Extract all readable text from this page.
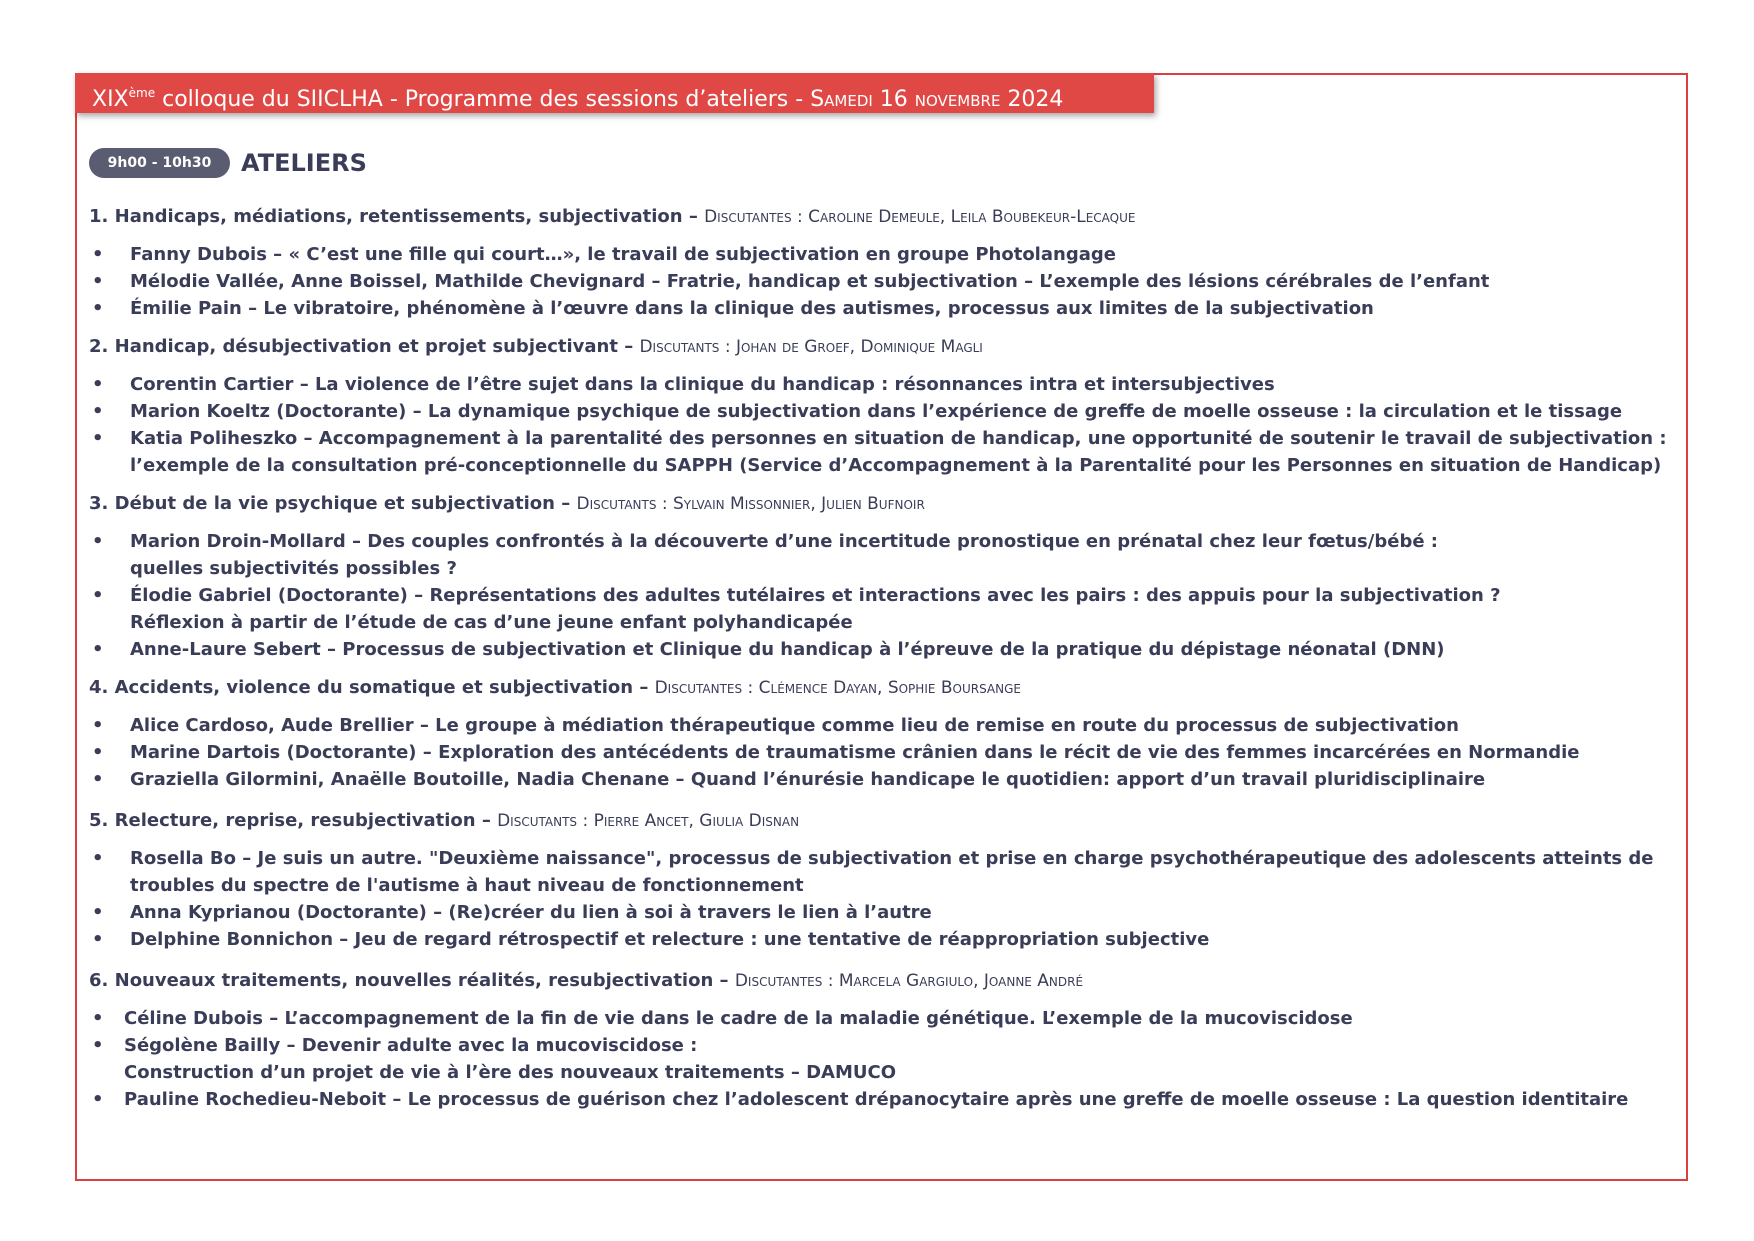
XIXème colloque du SIICLHA - Programme des sessions d’ateliers - Samedi 16 novembre 2024
9h00 - 10h30	ATELIERS
1. Handicaps, médiations, retentissements, subjectivation – Discutantes : Caroline Demeule, Leila Boubekeur-Lecaque
• Fanny Dubois – « C’est une fille qui court…», le travail de subjectivation en groupe Photolangage
• Mélodie Vallée, Anne Boissel, Mathilde Chevignard – Fratrie, handicap et subjectivation – L’exemple des lésions cérébrales de l’enfant
• Émilie Pain – Le vibratoire, phénomène à l’œuvre dans la clinique des autismes, processus aux limites de la subjectivation
2. Handicap, désubjectivation et projet subjectivant – Discutants : Johan de Groef, Dominique Magli
• Corentin Cartier – La violence de l’être sujet dans la clinique du handicap : résonnances intra et intersubjectives
• Marion Koeltz (Doctorante) – La dynamique psychique de subjectivation dans l’expérience de greffe de moelle osseuse : la circulation et le tissage
• Katia Poliheszko – Accompagnement à la parentalité des personnes en situation de handicap, une opportunité de soutenir le travail de subjectivation :
l’exemple de la consultation pré-conceptionnelle du SAPPH (Service d’Accompagnement à la Parentalité pour les Personnes en situation de Handicap)
3. Début de la vie psychique et subjectivation – Discutants : Sylvain Missonnier, Julien Bufnoir
• Marion Droin-Mollard – Des couples confrontés à la découverte d’une incertitude pronostique en prénatal chez leur fœtus/bébé :
quelles subjectivités possibles ?
• Élodie Gabriel (Doctorante) – Représentations des adultes tutélaires et interactions avec les pairs : des appuis pour la subjectivation ?
Réflexion à partir de l’étude de cas d’une jeune enfant polyhandicapée
• Anne-Laure Sebert – Processus de subjectivation et Clinique du handicap à l’épreuve de la pratique du dépistage néonatal (DNN)
4. Accidents, violence du somatique et subjectivation – Discutantes : Clémence Dayan, Sophie Boursange
• Alice Cardoso, Aude Brellier – Le groupe à médiation thérapeutique comme lieu de remise en route du processus de subjectivation
• Marine Dartois (Doctorante) – Exploration des antécédents de traumatisme crânien dans le récit de vie des femmes incarcérées en Normandie
• Graziella Gilormini, Anaëlle Boutoille, Nadia Chenane – Quand l’énurésie handicape le quotidien: apport d’un travail pluridisciplinaire
5. Relecture, reprise, resubjectivation – Discutants : Pierre Ancet, Giulia Disnan
• Rosella Bo – Je suis un autre. "Deuxième naissance", processus de subjectivation et prise en charge psychothérapeutique des adolescents atteints de
troubles du spectre de l'autisme à haut niveau de fonctionnement
• Anna Kyprianou (Doctorante) – (Re)créer du lien à soi à travers le lien à l’autre
• Delphine Bonnichon – Jeu de regard rétrospectif et relecture : une tentative de réappropriation subjective
6. Nouveaux traitements, nouvelles réalités, resubjectivation – Discutantes : Marcela Gargiulo, Joanne André
• Céline Dubois – L’accompagnement de la fin de vie dans le cadre de la maladie génétique. L’exemple de la mucoviscidose
• Ségolène Bailly – Devenir adulte avec la mucoviscidose :
Construction d’un projet de vie à l’ère des nouveaux traitements – DAMUCO
• Pauline Rochedieu-Neboit – Le processus de guérison chez l’adolescent drépanocytaire après une greffe de moelle osseuse : La question identitaire
